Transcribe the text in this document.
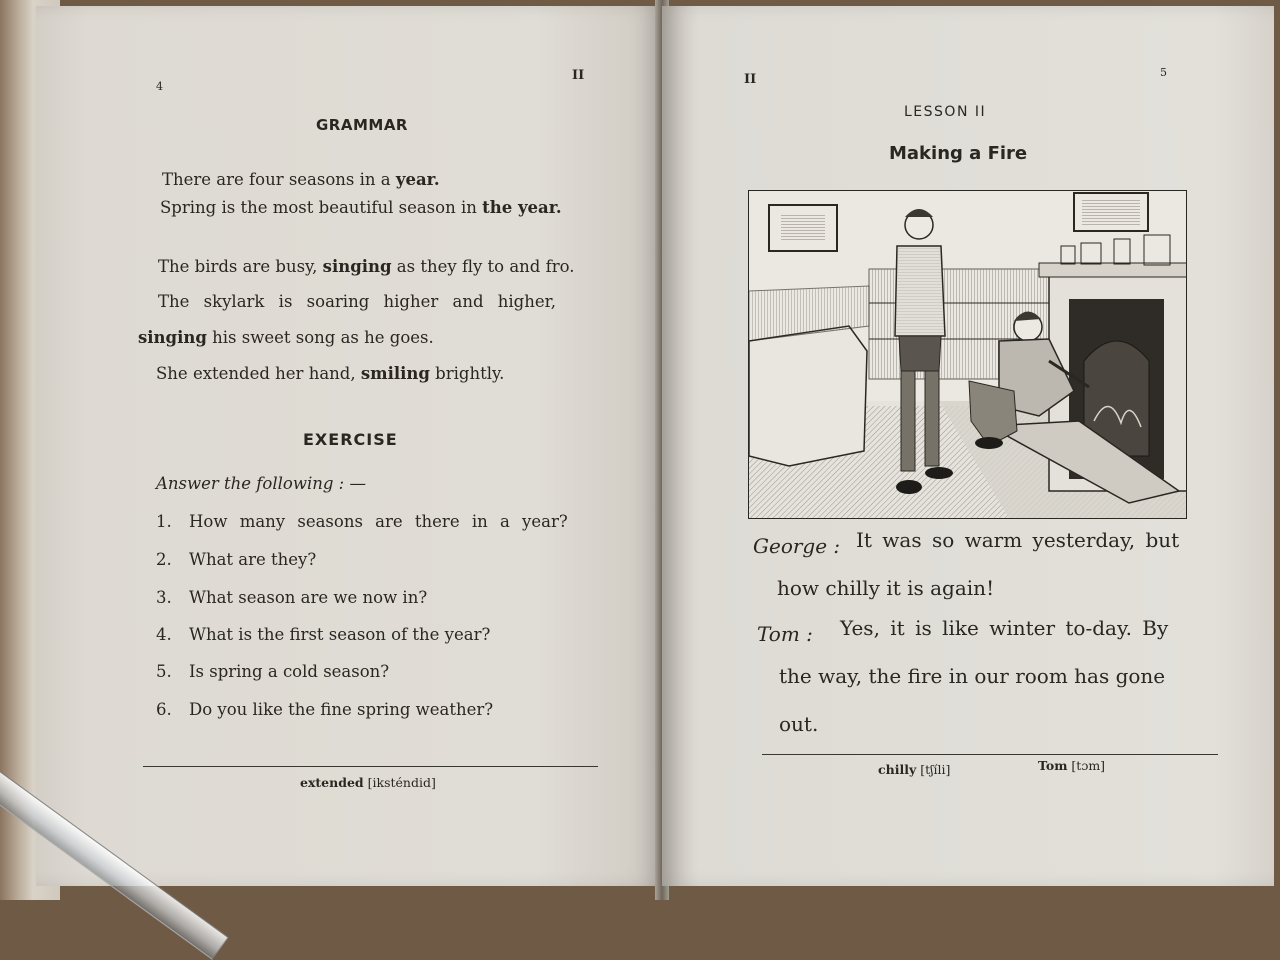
4
II
GRAMMAR
There are four seasons in a year.
Spring is the most beautiful season in the year.
The birds are busy, singing as they fly to and fro.
The skylark is soaring higher and higher,
singing his sweet song as he goes.
She extended her hand, smiling brightly.
EXERCISE
Answer the following : —
1. How many seasons are there in a year?
2. What are they?
3. What season are we now in?
4. What is the first season of the year?
5. Is spring a cold season?
6. Do you like the fine spring weather?
extended [iksténdid]
II	5
LESSON II
Making a Fire
George : It was so warm yesterday, but
how chilly it is again!
Tom : Yes, it is like winter to-day. By
the way, the fire in our room has gone
out.
chilly [tʃíli]	Tom [tɔm]
